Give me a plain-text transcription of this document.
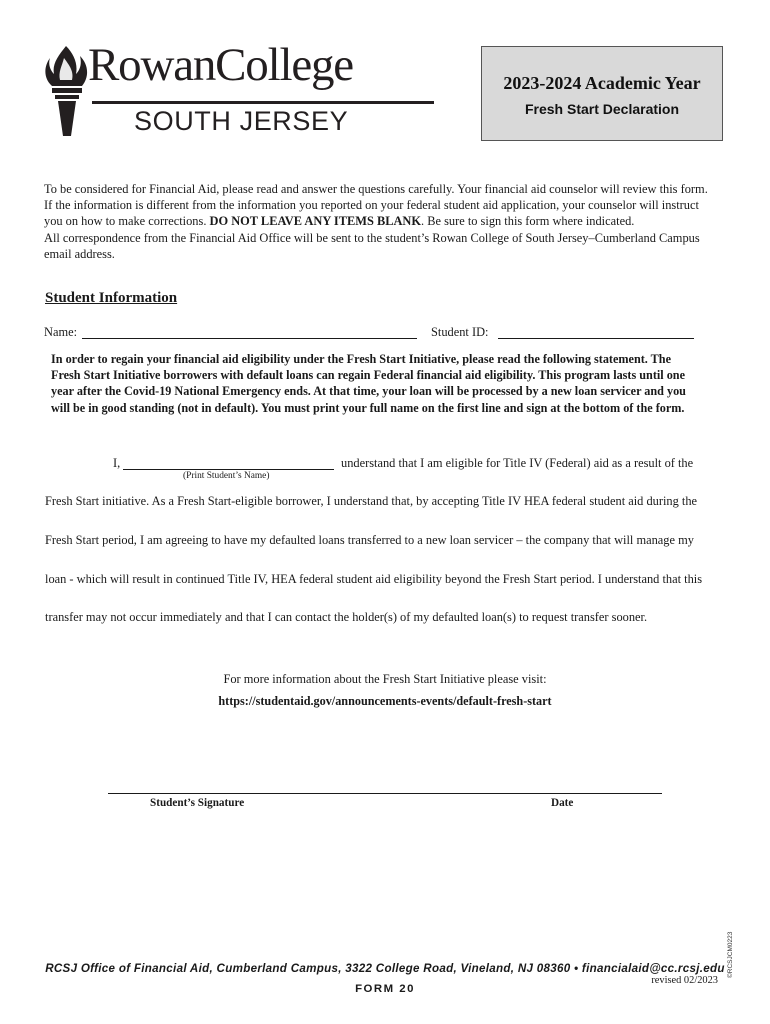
RowanCollege
SOUTH JERSEY
2023-2024 Academic Year
Fresh Start Declaration
To be considered for Financial Aid, please read and answer the questions carefully. Your financial aid counselor will review this form.
If the information is different from the information you reported on your federal student aid application, your counselor will instruct
you on how to make corrections. DO NOT LEAVE ANY ITEMS BLANK. Be sure to sign this form where indicated.
All correspondence from the Financial Aid Office will be sent to the student’s Rowan College of South Jersey–Cumberland Campus
email address.
Student Information
Name:	Student ID:
In order to regain your financial aid eligibility under the Fresh Start Initiative, please read the following statement. The
Fresh Start Initiative borrowers with default loans can regain Federal financial aid eligibility. This program lasts until one
year after the Covid-19 National Emergency ends. At that time, your loan will be processed by a new loan servicer and you
will be in good standing (not in default). You must print your full name on the first line and sign at the bottom of the form.
I,
(Print Student’s Name)
understand that I am eligible for Title IV (Federal) aid as a result of the
Fresh Start initiative. As a Fresh Start-eligible borrower, I understand that, by accepting Title IV HEA federal student aid during the
Fresh Start period, I am agreeing to have my defaulted loans transferred to a new loan servicer – the company that will manage my
loan - which will result in continued Title IV, HEA federal student aid eligibility beyond the Fresh Start period. I understand that this
transfer may not occur immediately and that I can contact the holder(s) of my defaulted loan(s) to request transfer sooner.
For more information about the Fresh Start Initiative please visit:
https://studentaid.gov/announcements-events/default-fresh-start
Student’s Signature	Date
©RCSJCM0223
RCSJ Office of Financial Aid, Cumberland Campus, 3322 College Road, Vineland, NJ 08360 • financialaid@cc.rcsj.edu
revised 02/2023
FORM 20
